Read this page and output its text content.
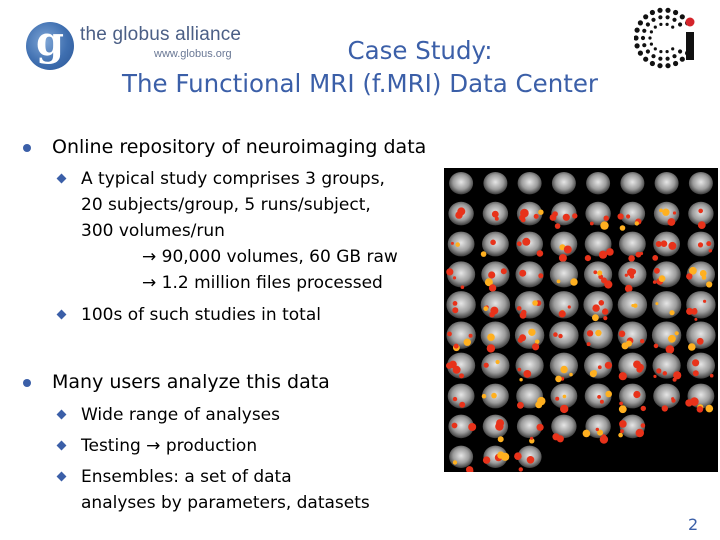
g the globus alliance
www.globus.org	Case Study:
The Functional MRI (f.MRI) Data Center
Online repository of neuroimaging data
A typical study comprises 3 groups,
20 subjects/group, 5 runs/subject,
300 volumes/run
→ 90,000 volumes, 60 GB raw
→ 1.2 million files processed
100s of such studies in total
Many users analyze this data
Wide range of analyses
Testing → production
Ensembles: a set of data
analyses by parameters, datasets
2
